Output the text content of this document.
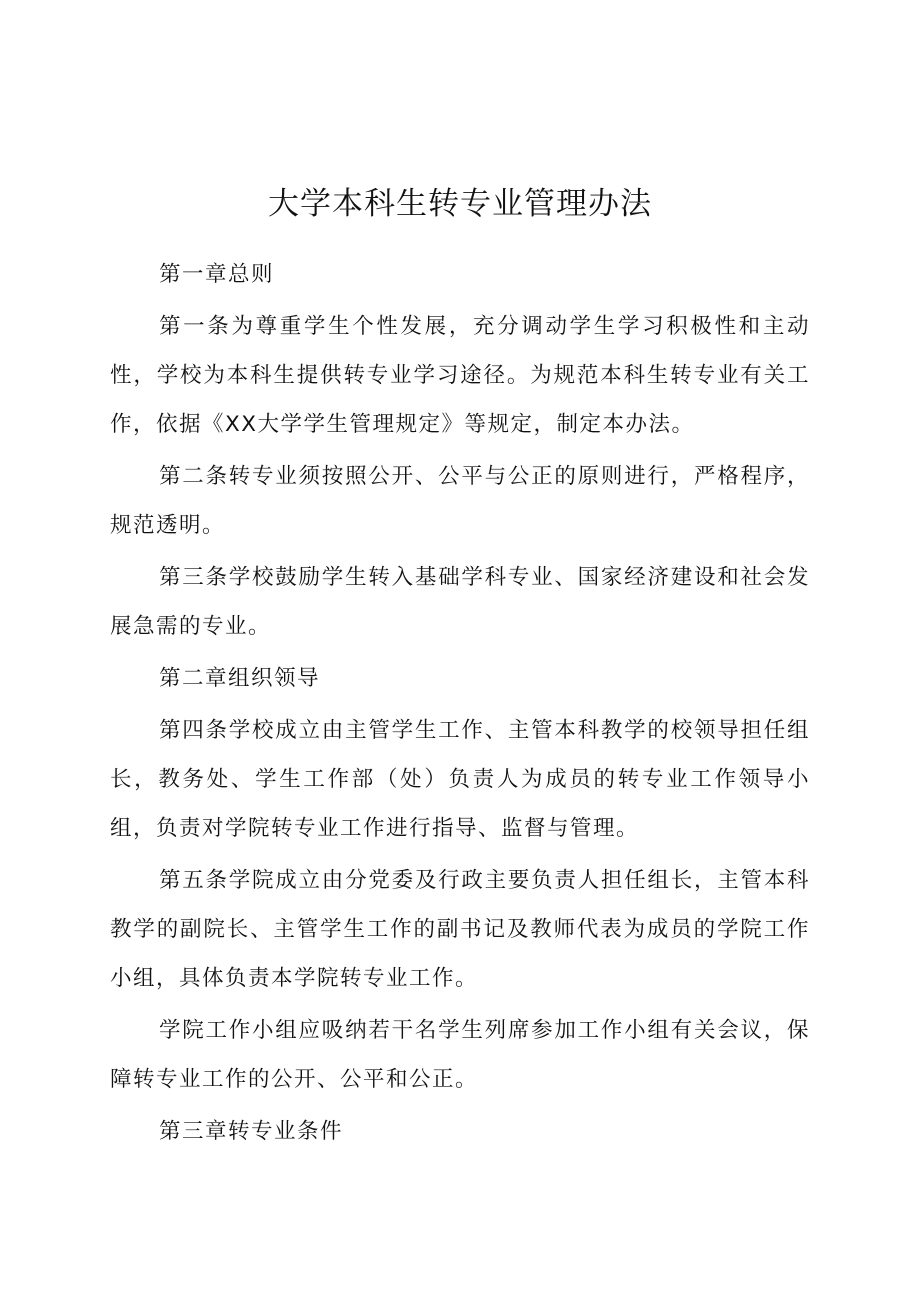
大学本科生转专业管理办法

第一章总则

第一条为尊重学生个性发展，充分调动学生学习积极性和主动性，学校为本科生提供转专业学习途径。为规范本科生转专业有关工作，依据《XX大学学生管理规定》等规定，制定本办法。

第二条转专业须按照公开、公平与公正的原则进行，严格程序，规范透明。

第三条学校鼓励学生转入基础学科专业、国家经济建设和社会发展急需的专业。

第二章组织领导

第四条学校成立由主管学生工作、主管本科教学的校领导担任组长，教务处、学生工作部（处）负责人为成员的转专业工作领导小组，负责对学院转专业工作进行指导、监督与管理。

第五条学院成立由分党委及行政主要负责人担任组长，主管本科教学的副院长、主管学生工作的副书记及教师代表为成员的学院工作小组，具体负责本学院转专业工作。

学院工作小组应吸纳若干名学生列席参加工作小组有关会议，保障转专业工作的公开、公平和公正。

第三章转专业条件
